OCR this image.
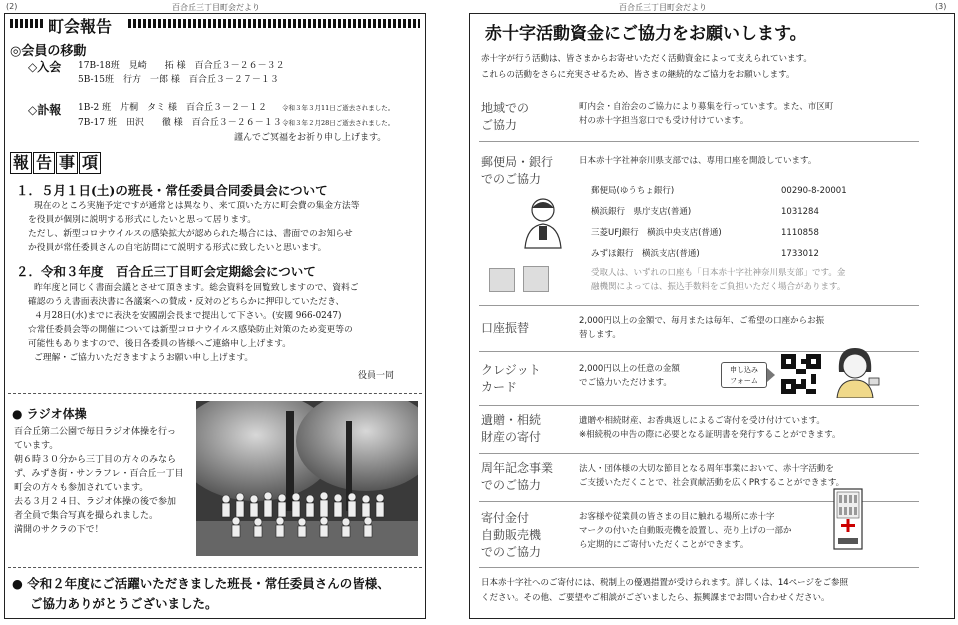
(2)	百合丘三丁目町会だより
町会報告
◎会員の移動
◇入会 17B-18班　見崎　　拓 様　百合丘３－２６－３２
5B-15班　行方　一郎 様　百合丘３－２７－１３
◇訃報 1B-2 班　片桐　タミ 様　百合丘３－２－１２ 令和３年３月11日ご逝去されました。
7B-17 班　田沢　　徹 様　百合丘３－２６－１３ 令和３年２月28日ご逝去されました。
謹んでご冥福をお祈り申し上げます。
報 告 事 項
１．５月１日(土)の班長・常任委員合同委員会について
現在のところ実施予定ですが通常とは異なり、来て頂いた方に町会費の集金方法等
を役員が個別に説明する形式にしたいと思って居ります。
ただし、新型コロナウイルスの感染拡大が認められた場合には、書面でのお知らせ
か役員が常任委員さんの自宅訪問にて説明する形式に致したいと思います。
２．令和３年度　百合丘三丁目町会定期総会について
昨年度と同じく書面会議とさせて頂きます。総会資料を回覧致しますので、資料ご
確認のうえ書面表決書に各議案への賛成・反対のどちらかに押印していただき、
４月28日(水)までに表決を安國副会長まで提出して下さい。(安國 966-0247)
☆常任委員会等の開催については新型コロナウイルス感染防止対策のため変更等の
可能性もありますので、後日各委員の皆様へご連絡申し上げます。
ご理解・ご協力いただきますようお願い申し上げます。
役員一同
● ラジオ体操
百合丘第二公園で毎日ラジオ体操を行っ
ています。
朝６時３０分から三丁目の方々のみなら
ず、みずき街・サンラフレ・百合丘一丁目
町会の方々も参加されています。
去る３月２４日、ラジオ体操の後で参加
者全員で集合写真を撮られました。
満開のサクラの下で！
● 令和２年度にご活躍いただきました班長・常任委員さんの皆様、
ご協力ありがとうございました。
百合丘三丁目町会だより	(3)
赤十字活動資金にご協力をお願いします。
赤十字が行う活動は、皆さまからお寄せいただく活動資金によって支えられています。
これらの活動をさらに充実させるため、皆さまの継続的なご協力をお願いします。
地域での
ご協力
町内会・自治会のご協力により募集を行っています。また、市区町
村の赤十字担当窓口でも受け付けています。
郵便局・銀行
でのご協力
日本赤十字社神奈川県支部では、専用口座を開設しています。
郵便局(ゆうちょ銀行)	00290-8-20001
横浜銀行　県庁支店(普通)	1031284
三菱UFJ銀行　横浜中央支店(普通)	1110858
みずほ銀行　横浜支店(普通)	1733012
受取人は、いずれの口座も「日本赤十字社神奈川県支部」です。金
融機関によっては、振込手数料をご負担いただく場合があります。
口座振替	2,000円以上の金額で、毎月または毎年、ご希望の口座からお振
替します。
クレジット
カード
2,000円以上の任意の金額
でご協力いただけます。
申し込み
フォーム
遺贈・相続
財産の寄付
遺贈や相続財産、お香典返しによるご寄付を受け付けています。
※相続税の申告の際に必要となる証明書を発行することができます。
周年記念事業
でのご協力
法人・団体様の大切な節目となる周年事業において、赤十字活動を
ご支援いただくことで、社会貢献活動を広くPRすることができます。
寄付金付
自動販売機
でのご協力
お客様や従業員の皆さまの目に触れる場所に赤十字
マークの付いた自動販売機を設置し、売り上げの一部か
ら定期的にご寄付いただくことができます。
日本赤十字社へのご寄付には、税制上の優遇措置が受けられます。詳しくは、14ページをご参照
ください。その他、ご要望やご相談がございましたら、振興課までお問い合わせください。
